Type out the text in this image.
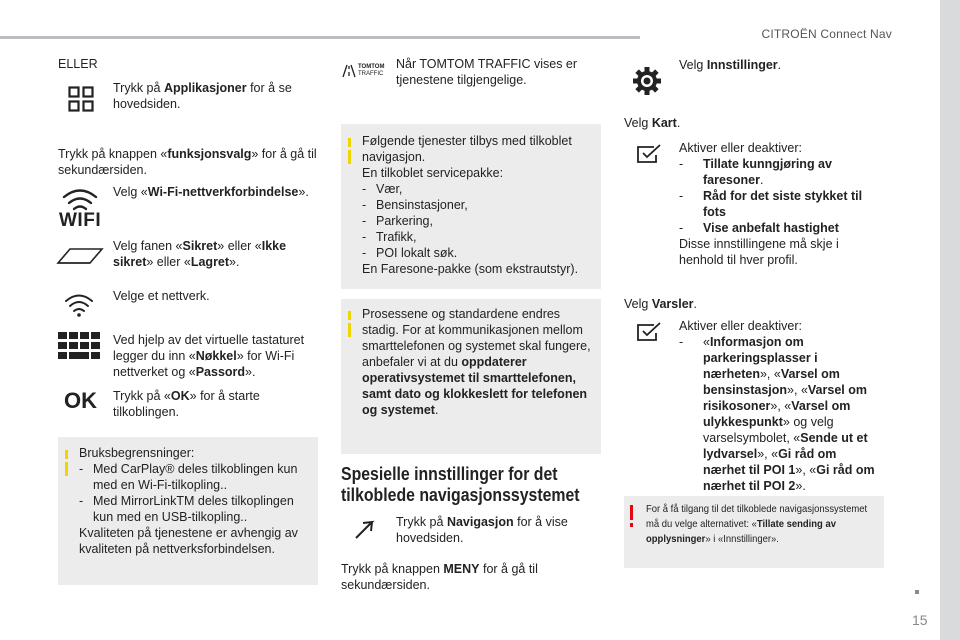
CITROËN Connect Nav
15
ELLER
Trykk på Applikasjoner for å se hovedsiden.
Trykk på knappen «funksjonsvalg» for å gå til sekundærsiden.
WIFI
Velg «Wi-Fi-nettverkforbindelse».
Velg fanen «Sikret» eller «Ikke sikret» eller «Lagret».
Velge et nettverk.
Ved hjelp av det virtuelle tastaturet legger du inn «Nøkkel» for Wi-Fi nettverket og «Passord».
OK Trykk på «OK» for å starte tilkoblingen.
Bruksbegrensninger:
- Med CarPlay® deles tilkoblingen kun med en Wi-Fi-tilkopling..
- Med MirrorLinkTM deles tilkoplingen kun med en USB-tilkopling..
Kvaliteten på tjenestene er avhengig av kvaliteten på nettverksforbindelsen.
TOMTOM
TRAFFIC
Når TOMTOM TRAFFIC vises er tjenestene tilgjengelige.
Følgende tjenester tilbys med tilkoblet navigasjon.
En tilkoblet servicepakke:
- Vær,
- Bensinstasjoner,
- Parkering,
- Trafikk,
- POI lokalt søk.
En Faresone-pakke (som ekstrautstyr).
Prosessene og standardene endres stadig. For at kommunikasjonen mellom smarttelefonen og systemet skal fungere, anbefaler vi at du oppdaterer operativsystemet til smarttelefonen, samt dato og klokkeslett for telefonen og systemet.
Spesielle innstillinger for det
tilkoblede navigasjonssystemet
Trykk på Navigasjon for å vise hovedsiden.
Trykk på knappen MENY for å gå til sekundærsiden.
Velg Innstillinger.
Velg Kart.
Aktiver eller deaktiver:
-	Tillate kunngjøring av faresoner.
-	Råd for det siste stykket til fots
-	Vise anbefalt hastighet
Disse innstillingene må skje i henhold til hver profil.
Velg Varsler.
Aktiver eller deaktiver:
-	«Informasjon om parkeringsplasser i nærheten», «Varsel om bensinstasjon», «Varsel om risikosoner», «Varsel om ulykkespunkt» og velg varselsymbolet, «Sende ut et lydvarsel», «Gi råd om nærhet til POI 1», «Gi råd om nærhet til POI 2».
For å få tilgang til det tilkoblede navigasjonssystemet må du velge alternativet: «Tillate sending av opplysninger» i «Innstillinger».
